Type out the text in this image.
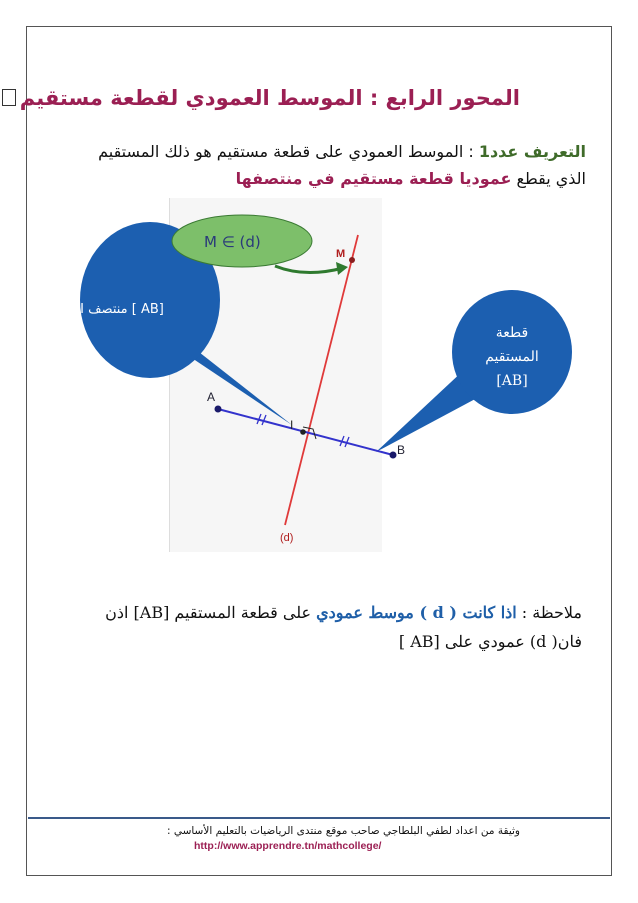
المحور الرابع : الموسط العمودي لقطعة مستقيم
التعريف عدد1 : الموسط العمودي على قطعة مستقيم هو ذلك المستقيم
الذي يقطع عموديا قطعة مستقيم في منتصفها
A
B
I
M
(d)
M ∈ (d)
[AB ] منتصف I
قطعة
المستقيم
[AB]
ملاحظة : اذا كانت ( d ) موسط عمودي على قطعة المستقيم [AB] اذن
فان( d) عمودي على [AB ]
وثيقة من اعداد لطفي البلطاجي صاحب موقع منتدى الرياضيات بالتعليم الأساسي :
http://www.apprendre.tn/mathcollege/
